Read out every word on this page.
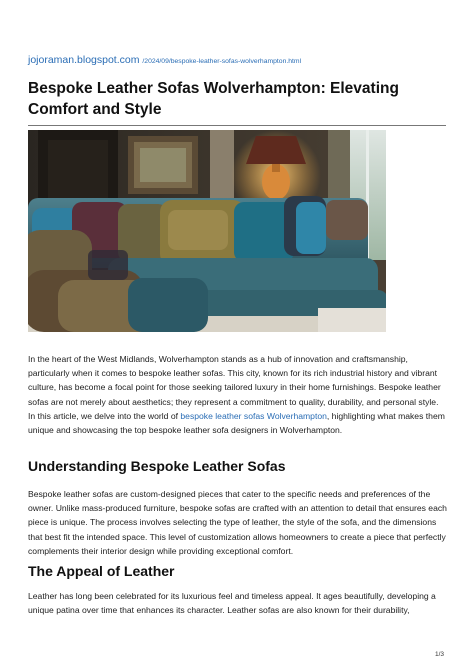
jojoraman.blogspot.com /2024/09/bespoke-leather-sofas-wolverhampton.html
Bespoke Leather Sofas Wolverhampton: Elevating Comfort and Style

In the heart of the West Midlands, Wolverhampton stands as a hub of innovation and craftsmanship, particularly when it comes to bespoke leather sofas. This city, known for its rich industrial history and vibrant culture, has become a focal point for those seeking tailored luxury in their home furnishings. Bespoke leather sofas are not merely about aesthetics; they represent a commitment to quality, durability, and personal style. In this article, we delve into the world of bespoke leather sofas Wolverhampton, highlighting what makes them unique and showcasing the top bespoke leather sofa designers in Wolverhampton.

Understanding Bespoke Leather Sofas

Bespoke leather sofas are custom-designed pieces that cater to the specific needs and preferences of the owner. Unlike mass-produced furniture, bespoke sofas are crafted with an attention to detail that ensures each piece is unique. The process involves selecting the type of leather, the style of the sofa, and the dimensions that best fit the intended space. This level of customization allows homeowners to create a piece that perfectly complements their interior design while providing exceptional comfort.

The Appeal of Leather

Leather has long been celebrated for its luxurious feel and timeless appeal. It ages beautifully, developing a unique patina over time that enhances its character. Leather sofas are also known for their durability,

1/3
